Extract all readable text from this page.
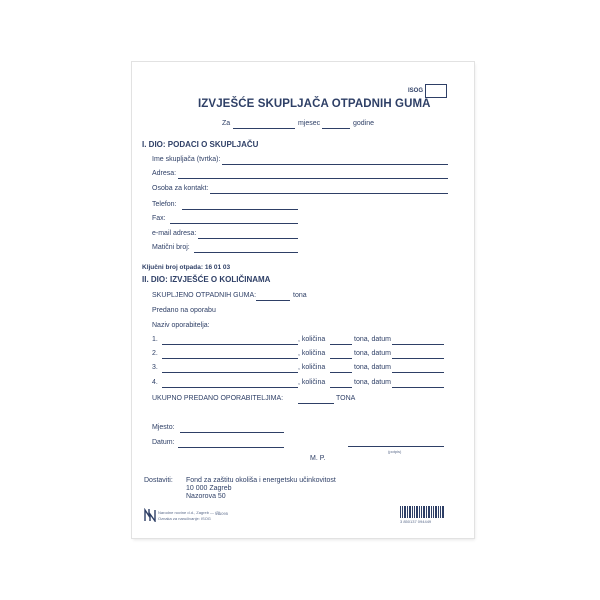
ISOG
IZVJEŠĆE SKUPLJAČA OTPADNIH GUMA
Za	mjesec	godine
I. DIO: PODACI O SKUPLJAČU
Ime skupljača (tvrtka):
Adresa:
Osoba za kontakt:
Telefon:
Fax:
e-mail adresa:
Matični broj:
Ključni broj otpada: 16 01 03
II. DIO: IZVJEŠĆE O KOLIČINAMA
SKUPLJENO OTPADNIH GUMA:	tona
Predano na oporabu
Naziv oporabitelja:
1.	, količina	tona, datum
2.	, količina	tona, datum
3.	, količina	tona, datum
4.	, količina	tona, datum
UKUPNO PREDANO OPORABITELJIMA:	TONA
Mjesto:
Datum:
(potpis)
M. P.
Dostaviti: Fond za zaštitu okoliša i energetsku učinkovitost
10 000 Zagreb
Nazorova 50
Narodne novine d.d., Zagreb — (3)
Oznaka za naručivanje: ISOG
I11095
3 850137 094449
